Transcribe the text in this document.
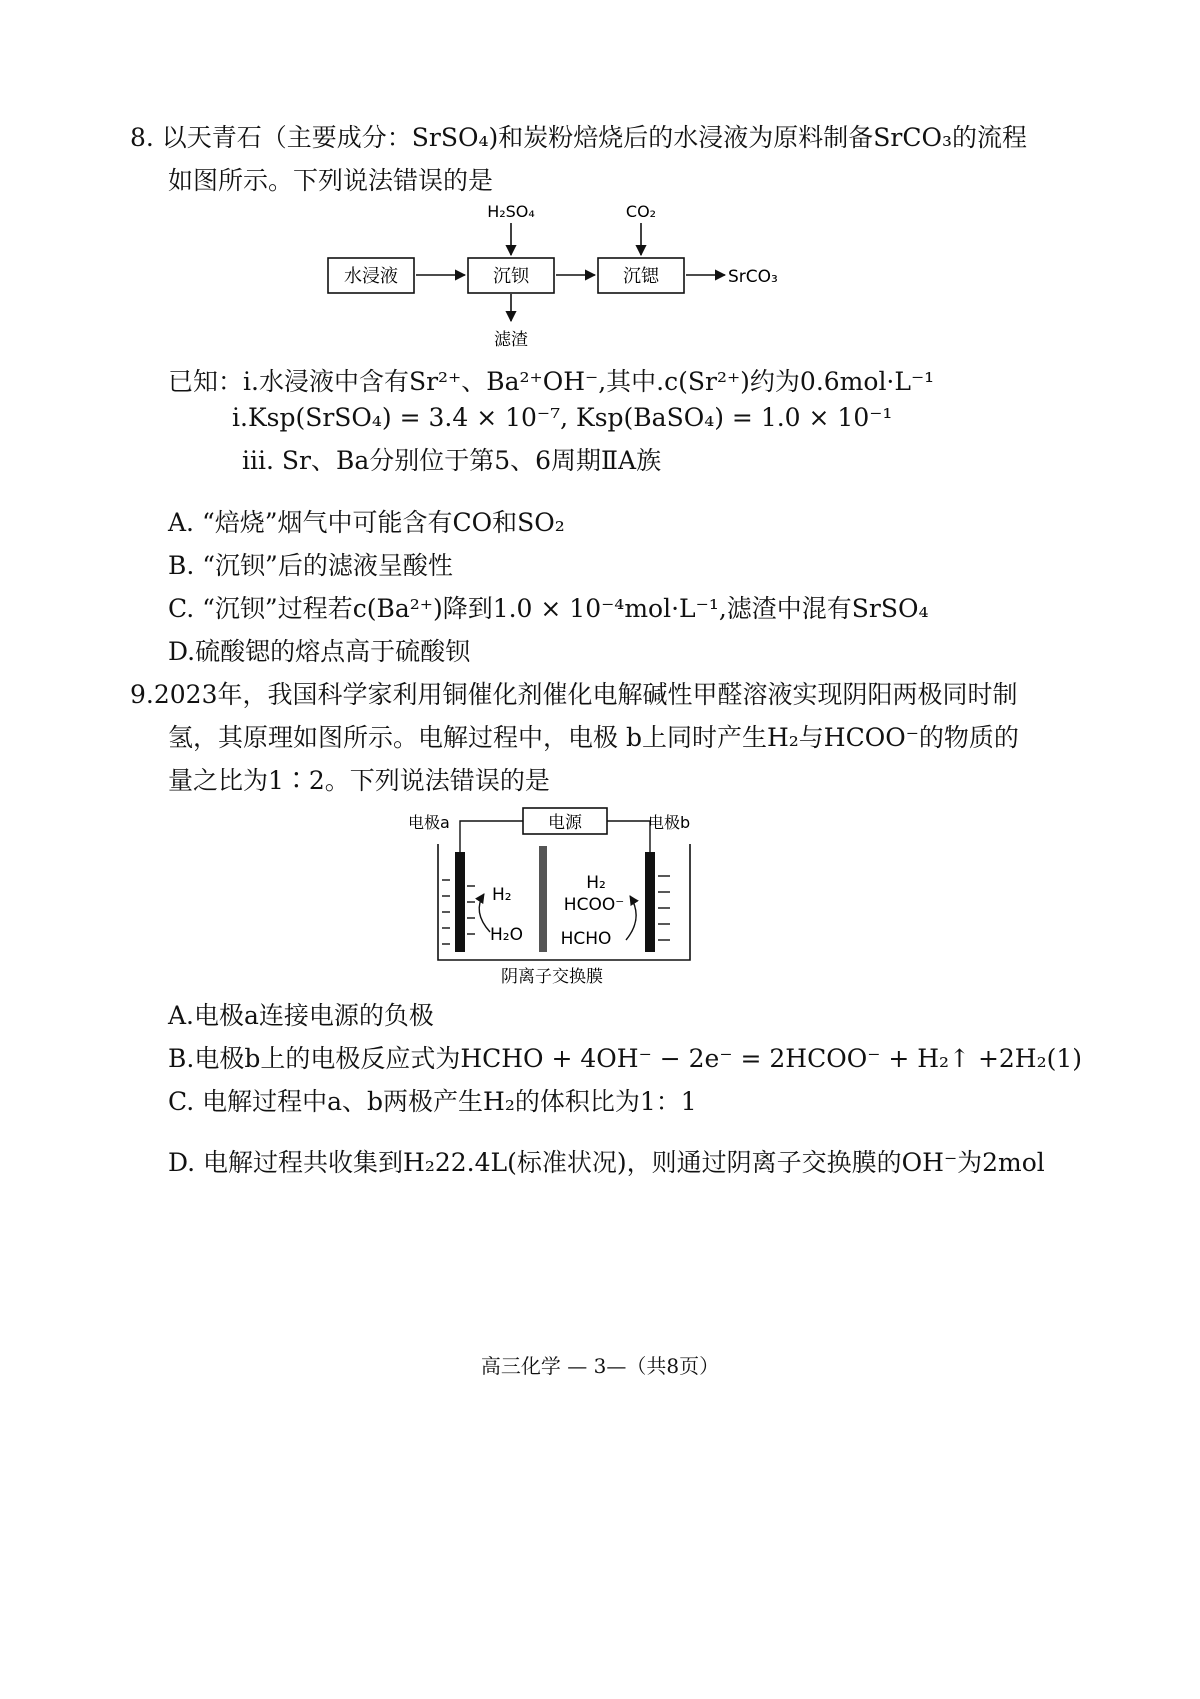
8. 以天青石（主要成分：SrSO₄)和炭粉焙烧后的水浸液为原料制备SrCO₃的流程
如图所示。下列说法错误的是
水浸液	沉钡	沉锶	SrCO₃
H₂SO₄	CO₂
滤渣
已知：i.水浸液中含有Sr²⁺、Ba²⁺OH⁻,其中.c(Sr²⁺)约为0.6mol·L⁻¹
i.Ksp(SrSO₄) = 3.4 × 10⁻⁷, Ksp(BaSO₄) = 1.0 × 10⁻¹
iii. Sr、Ba分别位于第5、6周期ⅡA族
A. “焙烧”烟气中可能含有CO和SO₂
B. “沉钡”后的滤液呈酸性
C. “沉钡”过程若c(Ba²⁺)降到1.0 × 10⁻⁴mol·L⁻¹,滤渣中混有SrSO₄
D.硫酸锶的熔点高于硫酸钡
9.2023年，我国科学家利用铜催化剂催化电解碱性甲醛溶液实现阴阳两极同时制
氢，其原理如图所示。电解过程中，电极 b上同时产生H₂与HCOO⁻的物质的
量之比为1∶2。下列说法错误的是
电源
电极a	电极b
H₂
H₂O
H₂
HCOO⁻
HCHO
阴离子交换膜
A.电极a连接电源的负极
B.电极b上的电极反应式为HCHO + 4OH⁻ − 2e⁻ = 2HCOO⁻ + H₂↑ +2H₂(1)
C. 电解过程中a、b两极产生H₂的体积比为1：1
D. 电解过程共收集到H₂22.4L(标准状况)，则通过阴离子交换膜的OH⁻为2mol
高三化学 — 3—（共8页）
